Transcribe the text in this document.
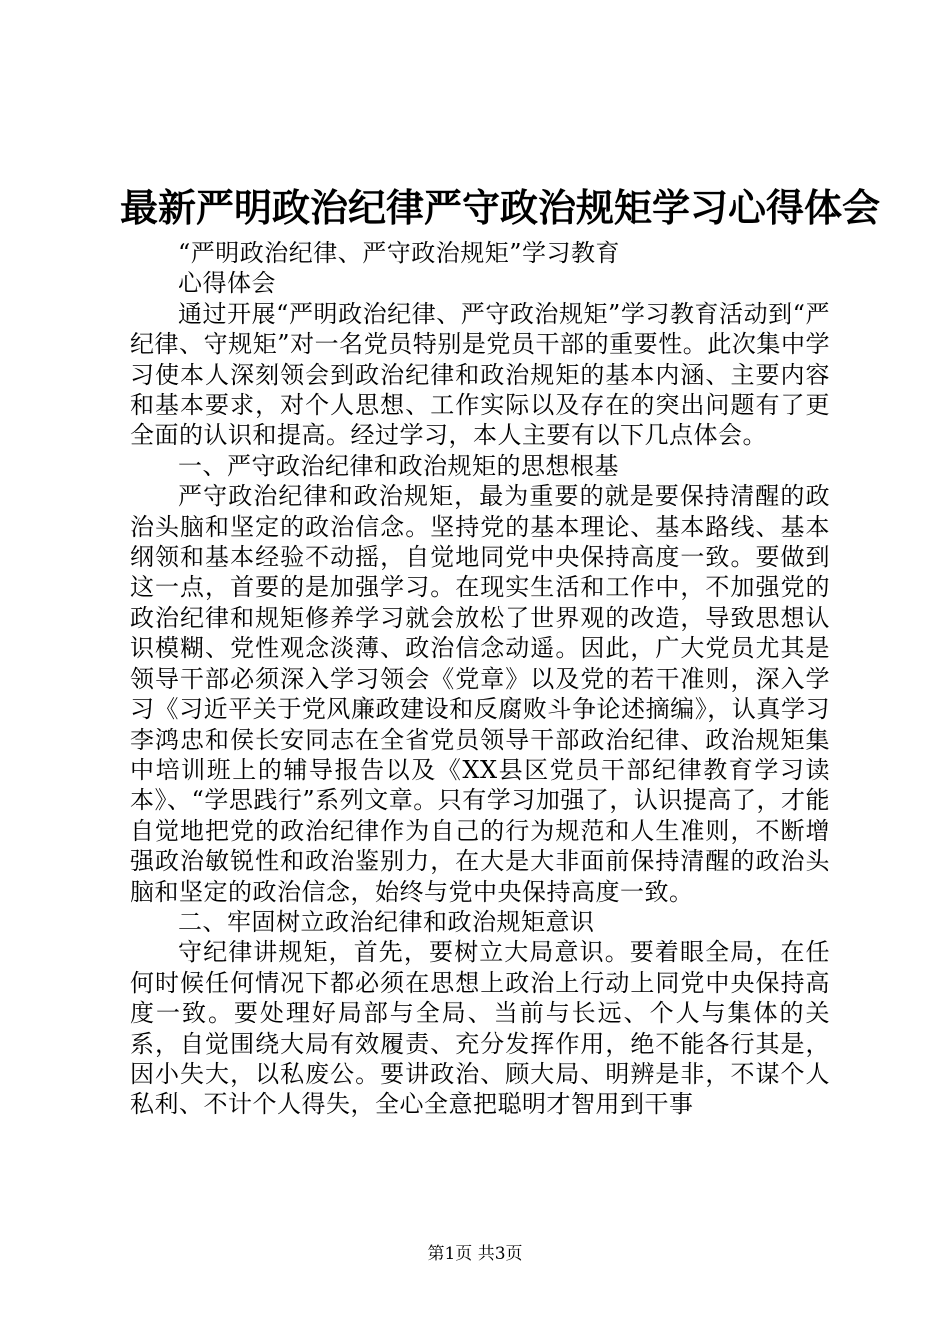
最新严明政治纪律严守政治规矩学习心得体会

“严明政治纪律、严守政治规矩”学习教育

心得体会

通过开展“严明政治纪律、严守政治规矩”学习教育活动到“严纪律、守规矩”对一名党员特别是党员干部的重要性。此次集中学习使本人深刻领会到政治纪律和政治规矩的基本内涵、主要内容和基本要求，对个人思想、工作实际以及存在的突出问题有了更全面的认识和提高。经过学习，本人主要有以下几点体会。

一、严守政治纪律和政治规矩的思想根基

严守政治纪律和政治规矩，最为重要的就是要保持清醒的政治头脑和坚定的政治信念。坚持党的基本理论、基本路线、基本纲领和基本经验不动摇，自觉地同党中央保持高度一致。要做到这一点，首要的是加强学习。在现实生活和工作中，不加强党的政治纪律和规矩修养学习就会放松了世界观的改造，导致思想认识模糊、党性观念淡薄、政治信念动遥。因此，广大党员尤其是领导干部必须深入学习领会《党章》以及党的若干准则，深入学习《习近平关于党风廉政建设和反腐败斗争论述摘编》，认真学习李鸿忠和侯长安同志在全省党员领导干部政治纪律、政治规矩集中培训班上的辅导报告以及《XX县区党员干部纪律教育学习读本》、“学思践行”系列文章。只有学习加强了，认识提高了，才能自觉地把党的政治纪律作为自己的行为规范和人生准则，不断增强政治敏锐性和政治鉴别力，在大是大非面前保持清醒的政治头脑和坚定的政治信念，始终与党中央保持高度一致。

二、牢固树立政治纪律和政治规矩意识

守纪律讲规矩，首先，要树立大局意识。要着眼全局，在任何时候任何情况下都必须在思想上政治上行动上同党中央保持高度一致。要处理好局部与全局、当前与长远、个人与集体的关系，自觉围绕大局有效履责、充分发挥作用，绝不能各行其是，因小失大，以私废公。要讲政治、顾大局、明辨是非，不谋个人私利、不计个人得失，全心全意把聪明才智用到干事

第1页 共3页
